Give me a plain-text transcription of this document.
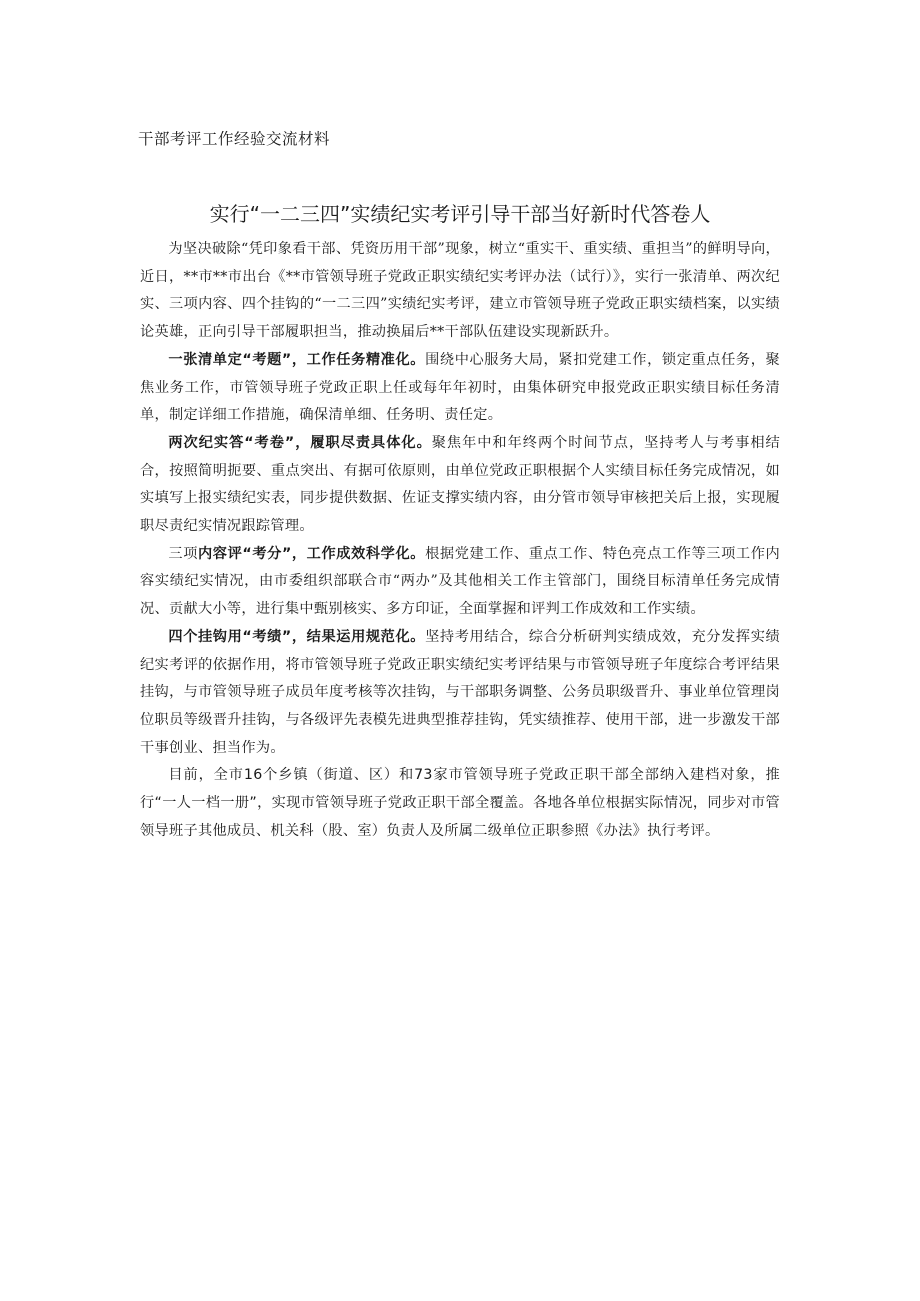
干部考评工作经验交流材料
实行“一二三四”实绩纪实考评引导干部当好新时代答卷人

为坚决破除“凭印象看干部、凭资历用干部”现象，树立“重实干、重实绩、重担当”的鲜明导向，近日，**市**市出台《**市管领导班子党政正职实绩纪实考评办法（试行）》，实行一张清单、两次纪实、三项内容、四个挂钩的“一二三四”实绩纪实考评，建立市管领导班子党政正职实绩档案，以实绩论英雄，正向引导干部履职担当，推动换届后**干部队伍建设实现新跃升。

一张清单定“考题”，工作任务精准化。围绕中心服务大局，紧扣党建工作，锁定重点任务，聚焦业务工作，市管领导班子党政正职上任或每年年初时，由集体研究申报党政正职实绩目标任务清单，制定详细工作措施，确保清单细、任务明、责任定。

两次纪实答“考卷”，履职尽责具体化。聚焦年中和年终两个时间节点，坚持考人与考事相结合，按照简明扼要、重点突出、有据可依原则，由单位党政正职根据个人实绩目标任务完成情况，如实填写上报实绩纪实表，同步提供数据、佐证支撑实绩内容，由分管市领导审核把关后上报，实现履职尽责纪实情况跟踪管理。

三项内容评“考分”，工作成效科学化。根据党建工作、重点工作、特色亮点工作等三项工作内容实绩纪实情况，由市委组织部联合市“两办”及其他相关工作主管部门，围绕目标清单任务完成情况、贡献大小等，进行集中甄别核实、多方印证，全面掌握和评判工作成效和工作实绩。

四个挂钩用“考绩”，结果运用规范化。坚持考用结合，综合分析研判实绩成效，充分发挥实绩纪实考评的依据作用，将市管领导班子党政正职实绩纪实考评结果与市管领导班子年度综合考评结果挂钩，与市管领导班子成员年度考核等次挂钩，与干部职务调整、公务员职级晋升、事业单位管理岗位职员等级晋升挂钩，与各级评先表模先进典型推荐挂钩，凭实绩推荐、使用干部，进一步激发干部干事创业、担当作为。

目前，全市16个乡镇（街道、区）和73家市管领导班子党政正职干部全部纳入建档对象，推行“一人一档一册”，实现市管领导班子党政正职干部全覆盖。各地各单位根据实际情况，同步对市管领导班子其他成员、机关科（股、室）负责人及所属二级单位正职参照《办法》执行考评。
